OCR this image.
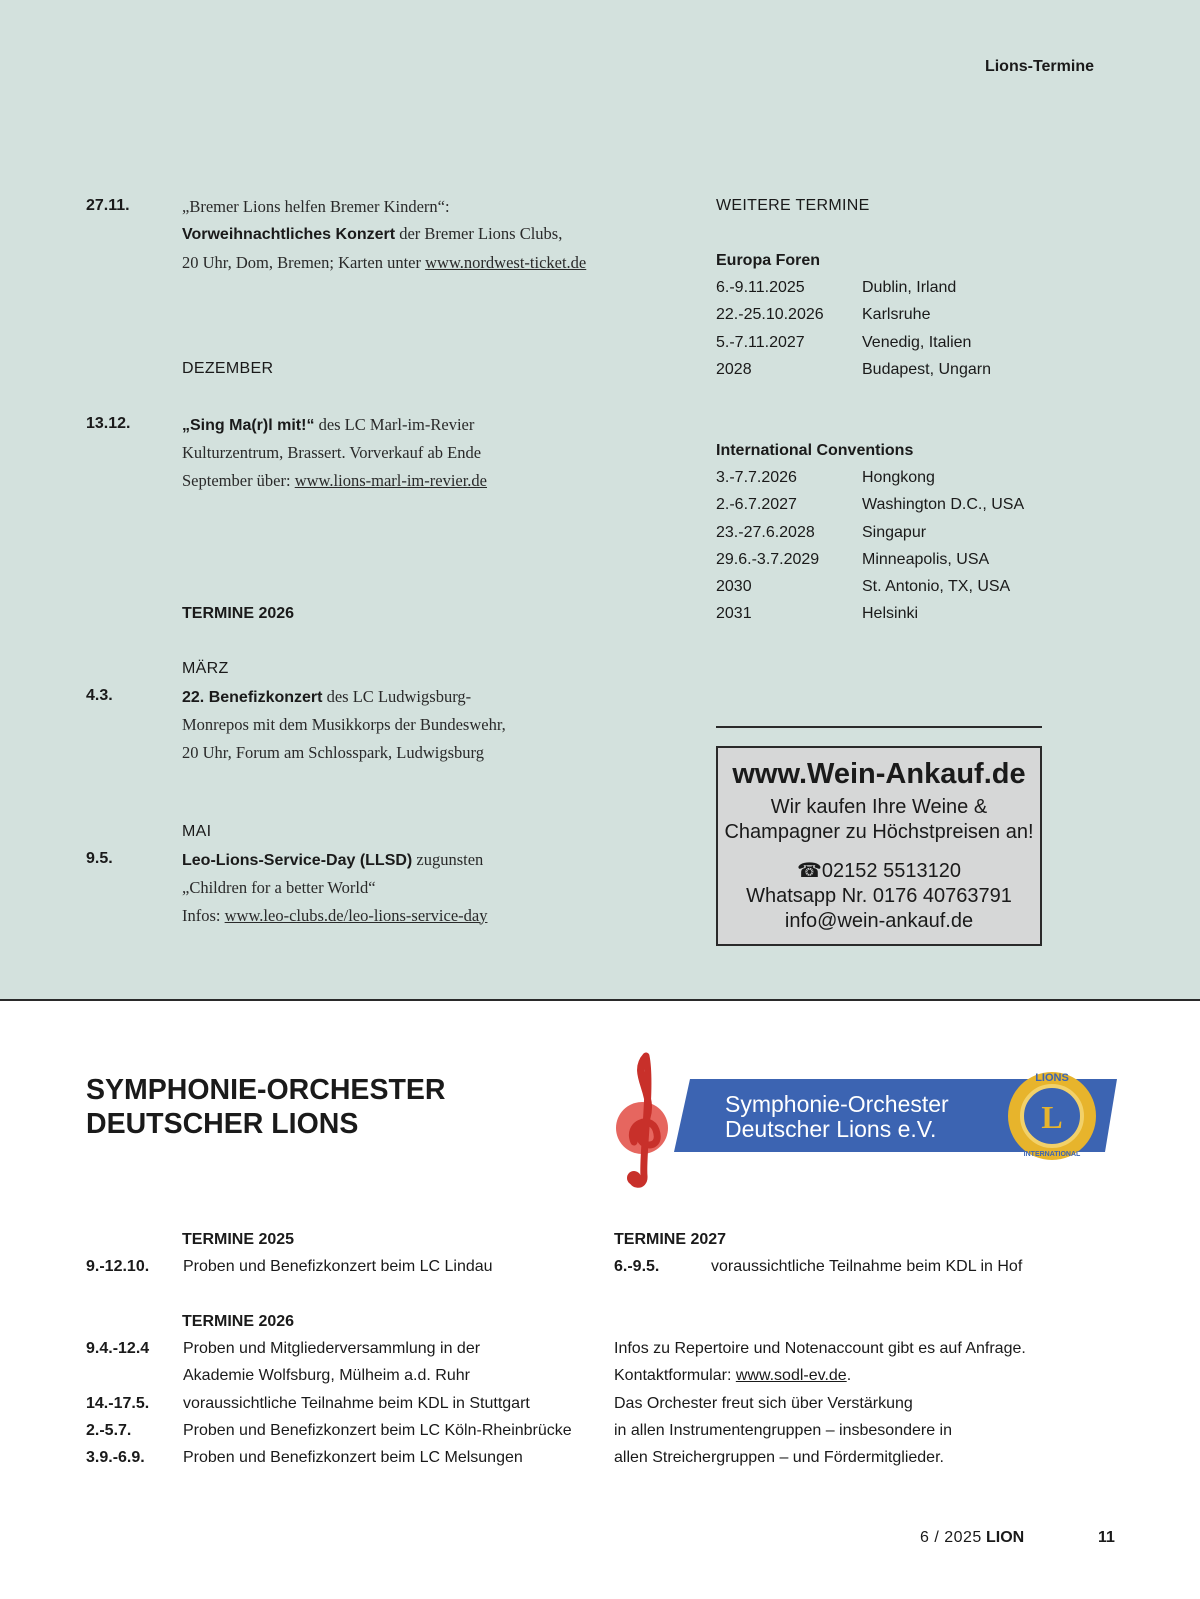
Lions-Termine
27.11.	„Bremer Lions helfen Bremer Kindern“:
Vorweihnachtliches Konzert der Bremer Lions Clubs,
20 Uhr, Dom, Bremen; Karten unter www.nordwest-ticket.de
DEZEMBER
13.12.	„Sing Ma(r)l mit!“ des LC Marl-im-Revier
Kulturzentrum, Brassert. Vorverkauf ab Ende
September über: www.lions-marl-im-revier.de
TERMINE 2026
MÄRZ
4.3.	22. Benefizkonzert des LC Ludwigsburg-
Monrepos mit dem Musikkorps der Bundeswehr,
20 Uhr, Forum am Schlosspark, Ludwigsburg
MAI
9.5.	Leo-Lions-Service-Day (LLSD) zugunsten
„Children for a better World“
Infos: www.leo-clubs.de/leo-lions-service-day
WEITERE TERMINE
Europa Foren
6.-9.11.2025	Dublin, Irland
22.-25.10.2026	Karlsruhe
5.-7.11.2027	Venedig, Italien
2028	Budapest, Ungarn
International Conventions
3.-7.7.2026	Hongkong
2.-6.7.2027	Washington D.C., USA
23.-27.6.2028	Singapur
29.6.-3.7.2029	Minneapolis, USA
2030	St. Antonio, TX, USA
2031	Helsinki
www.Wein-Ankauf.de
Wir kaufen Ihre Weine &
Champagner zu Höchstpreisen an!
☎02152 5513120
Whatsapp Nr. 0176 40763791
info@wein-ankauf.de
SYMPHONIE-ORCHESTER
DEUTSCHER LIONS
Symphonie-Orchester
Deutscher Lions e.V.	L
LIONS
INTERNATIONAL
TERMINE 2025
9.-12.10.	Proben und Benefizkonzert beim LC Lindau
TERMINE 2026
9.4.-12.4	Proben und Mitgliederversammlung in der
Akademie Wolfsburg, Mülheim a.d. Ruhr
14.-17.5.	voraussichtliche Teilnahme beim KDL in Stuttgart
2.-5.7.	Proben und Benefizkonzert beim LC Köln-Rheinbrücke
3.9.-6.9.	Proben und Benefizkonzert beim LC Melsungen
TERMINE 2027
6.-9.5.	voraussichtliche Teilnahme beim KDL in Hof
Infos zu Repertoire und Notenaccount gibt es auf Anfrage.
Kontaktformular: www.sodl-ev.de.
Das Orchester freut sich über Verstärkung
in allen Instrumentengruppen – insbesondere in
allen Streichergruppen – und Fördermitglieder.
6 / 2025 LION	11
